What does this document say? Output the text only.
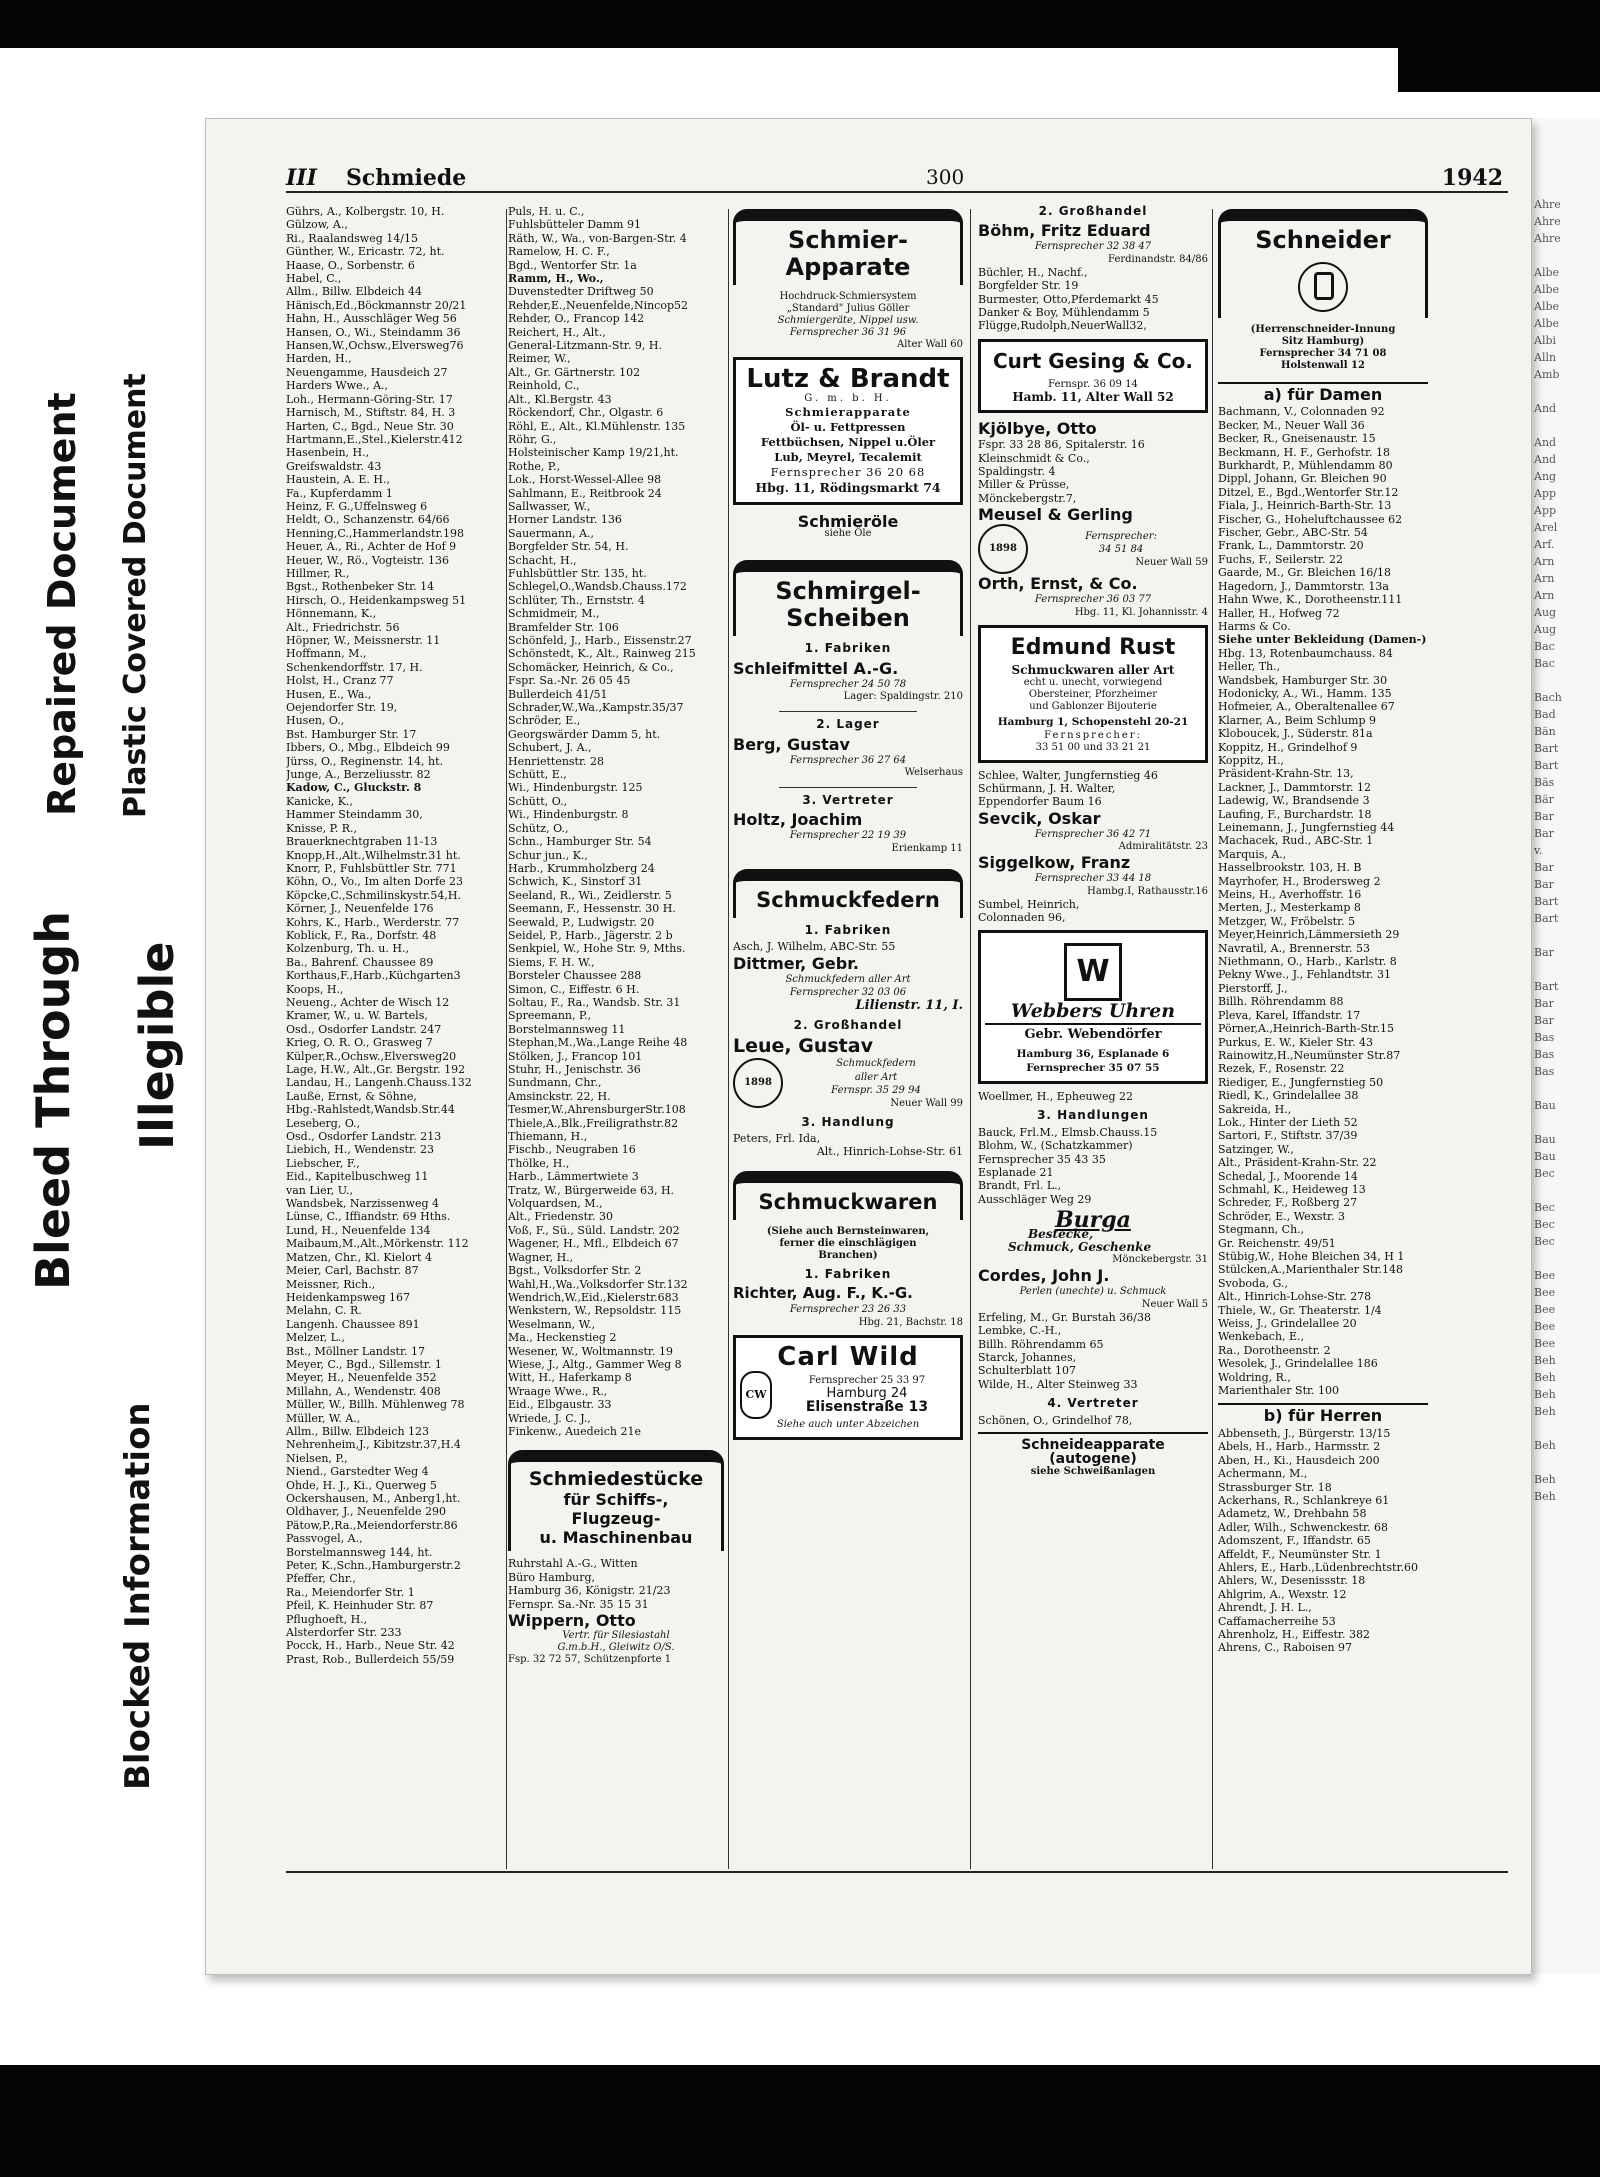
Bleed Through
Repaired Document Plastic Covered Document
Illegible
Blocked Information
Ahre
Ahre
Ahre

Albe
Albe
Albe
Albe
Albi
Alln
Amb

And

And
And
Ang
App
App
Arel
Arf.
Arn
Arn
Arn
Aug
Aug
Bac
Bac

Bach
Bad
Bän
Bart
Bart
Bäs
Bär
Bar
Bar
v.
Bar
Bar
Bart
Bart

Bar

Bart
Bar
Bar
Bas
Bas
Bas

Bau

Bau
Bau
Bec

Bec
Bec
Bec

Bee
Bee
Bee
Bee
Bee
Beh
Beh
Beh
Beh

Beh

Beh
Beh
III Schmiede	300	1942
Gührs, A., Kolbergstr. 10, H.
Gülzow, A.,
Ri., Raalandsweg 14/15
Günther, W., Ericastr. 72, ht.
Haase, O., Sorbenstr. 6
Habel, C.,
Allm., Billw. Elbdeich 44
Hänisch,Ed.,Böckmannstr 20/21
Hahn, H., Ausschläger Weg 56
Hansen, O., Wi., Steindamm 36
Hansen,W.,Ochsw.,Elversweg76
Harden, H.,
Neuengamme, Hausdeich 27
Harders Wwe., A.,
Loh., Hermann-Göring-Str. 17
Harnisch, M., Stiftstr. 84, H. 3
Harten, C., Bgd., Neue Str. 30
Hartmann,E.,Stel.,Kielerstr.412
Hasenbein, H.,
Greifswaldstr. 43
Haustein, A. E. H.,
Fa., Kupferdamm 1
Heinz, F. G.,Uffelnsweg 6
Heldt, O., Schanzenstr. 64/66
Henning,C.,Hammerlandstr.198
Heuer, A., Ri., Achter de Hof 9
Heuer, W., Rö., Vogteistr. 136
Hillmer, R.,
Bgst., Rothenbeker Str. 14
Hirsch, O., Heidenkampsweg 51
Hönnemann, K.,
Alt., Friedrichstr. 56
Höpner, W., Meissnerstr. 11
Hoffmann, M.,
Schenkendorffstr. 17, H.
Holst, H., Cranz 77
Husen, E., Wa.,
Oejendorfer Str. 19,
Husen, O.,
Bst. Hamburger Str. 17
Ibbers, O., Mbg., Elbdeich 99
Jürss, O., Reginenstr. 14, ht.
Junge, A., Berzeliusstr. 82
Kadow, C., Gluckstr. 8
Kanicke, K.,
Hammer Steindamm 30,
Knisse, P. R.,
Brauerknechtgraben 11-13
Knopp,H.,Alt.,Wilhelmstr.31 ht.
Knorr, P., Fuhlsbüttler Str. 771
Köhn, O., Vo., Im alten Dorfe 23
Köpcke,C.,Schmilinskystr.54,H.
Körner, J., Neuenfelde 176
Kohrs, K., Harb., Werderstr. 77
Koblick, F., Ra., Dorfstr. 48
Kolzenburg, Th. u. H.,
Ba., Bahrenf. Chaussee 89
Korthaus,F.,Harb.,Küchgarten3
Koops, H.,
Neueng., Achter de Wisch 12
Kramer, W., u. W. Bartels,
Osd., Osdorfer Landstr. 247
Krieg, O. R. O., Grasweg 7
Külper,R.,Ochsw.,Elversweg20
Lage, H.W., Alt.,Gr. Bergstr. 192
Landau, H., Langenh.Chauss.132
Lauße, Ernst, & Söhne,
Hbg.-Rahlstedt,Wandsb.Str.44
Leseberg, O.,
Osd., Osdorfer Landstr. 213
Liebich, H., Wendenstr. 23
Liebscher, F.,
Eid., Kapitelbuschweg 11
van Lier, U.,
Wandsbek, Narzissenweg 4
Lünse, C., Iffiandstr. 69 Hths.
Lund, H., Neuenfelde 134
Maibaum,M.,Alt.,Mörkenstr. 112
Matzen, Chr., Kl. Kielort 4
Meier, Carl, Bachstr. 87
Meissner, Rich.,
Heidenkampsweg 167
Melahn, C. R.
Langenh. Chaussee 891
Melzer, L.,
Bst., Möllner Landstr. 17
Meyer, C., Bgd., Sillemstr. 1
Meyer, H., Neuenfelde 352
Millahn, A., Wendenstr. 408
Müller, W., Billh. Mühlenweg 78
Müller, W. A.,
Allm., Billw. Elbdeich 123
Nehrenheim,J., Kibitzstr.37,H.4
Nielsen, P.,
Niend., Garstedter Weg 4
Ohde, H. J., Ki., Querweg 5
Ockershausen, M., Anberg1,ht.
Oldhaver, J., Neuenfelde 290
Pätow,P.,Ra.,Meiendorferstr.86
Passvogel, A.,
Borstelmannsweg 144, ht.
Peter, K.,Schn.,Hamburgerstr.2
Pfeffer, Chr.,
Ra., Meiendorfer Str. 1
Pfeil, K. Heinhuder Str. 87
Pflughoeft, H.,
Alsterdorfer Str. 233
Pocck, H., Harb., Neue Str. 42
Prast, Rob., Bullerdeich 55/59
Puls, H. u. C.,
Fuhlsbütteler Damm 91
Räth, W., Wa., von-Bargen-Str. 4
Ramelow, H. C. F.,
Bgd., Wentorfer Str. 1a
Ramm, H., Wo.,
Duvenstedter Driftweg 50
Rehder,E.,Neuenfelde,Nincop52
Rehder, O., Francop 142
Reichert, H., Alt.,
General-Litzmann-Str. 9, H.
Reimer, W.,
Alt., Gr. Gärtnerstr. 102
Reinhold, C.,
Alt., Kl.Bergstr. 43
Röckendorf, Chr., Olgastr. 6
Röhl, E., Alt., Kl.Mühlenstr. 135
Röhr, G.,
Holsteinischer Kamp 19/21,ht.
Rothe, P.,
Lok., Horst-Wessel-Allee 98
Sahlmann, E., Reitbrook 24
Sallwasser, W.,
Horner Landstr. 136
Sauermann, A.,
Borgfelder Str. 54, H.
Schacht, H.,
Fuhlsbüttler Str. 135, ht.
Schlegel,O.,Wandsb.Chauss.172
Schlüter, Th., Ernststr. 4
Schmidmeir, M.,
Bramfelder Str. 106
Schönfeld, J., Harb., Eissenstr.27
Schönstedt, K., Alt., Rainweg 215
Schomäcker, Heinrich, & Co.,
Fspr. Sa.-Nr. 26 05 45
Bullerdeich 41/51
Schrader,W.,Wa.,Kampstr.35/37
Schröder, E.,
Georgswärder Damm 5, ht.
Schubert, J. A.,
Henriettenstr. 28
Schütt, E.,
Wi., Hindenburgstr. 125
Schütt, O.,
Wi., Hindenburgstr. 8
Schütz, O.,
Schn., Hamburger Str. 54
Schur jun., K.,
Harb., Krummholzberg 24
Schwich, K., Sinstorf 31
Seeland, R., Wi., Zeidlerstr. 5
Seemann, F., Hessenstr. 30 H.
Seewald, P., Ludwigstr. 20
Seidel, P., Harb., Jägerstr. 2 b
Senkpiel, W., Hohe Str. 9, Mths.
Siems, F. H. W.,
Borsteler Chaussee 288
Simon, C., Eiffestr. 6 H.
Soltau, F., Ra., Wandsb. Str. 31
Spreemann, P.,
Borstelmannsweg 11
Stephan,M.,Wa.,Lange Reihe 48
Stölken, J., Francop 101
Stuhr, H., Jenischstr. 36
Sundmann, Chr.,
Amsinckstr. 22, H.
Tesmer,W.,AhrensburgerStr.108
Thiele,A.,Blk.,Freiligrathstr.82
Thiemann, H.,
Fischb., Neugraben 16
Thölke, H.,
Harb., Lämmertwiete 3
Tratz, W., Bürgerweide 63, H.
Volquardsen, M.,
Alt., Friedenstr. 30
Voß, F., Sü., Süld. Landstr. 202
Wagener, H., Mfl., Elbdeich 67
Wagner, H.,
Bgst., Volksdorfer Str. 2
Wahl,H.,Wa.,Volksdorfer Str.132
Wendrich,W.,Eid.,Kielerstr.683
Wenkstern, W., Repsoldstr. 115
Weselmann, W.,
Ma., Heckenstieg 2
Wesener, W., Woltmannstr. 19
Wiese, J., Altg., Gammer Weg 8
Witt, H., Haferkamp 8
Wraage Wwe., R.,
Eid., Elbgaustr. 33
Wriede, J. C. J.,
Finkenw., Auedeich 21e
Schmiedestücke
für Schiffs-,
Flugzeug-
u. Maschinenbau
Ruhrstahl A.-G., Witten
Büro Hamburg,
Hamburg 36, Königstr. 21/23
Fernspr. Sa.-Nr. 35 15 31
Wippern, Otto
Vertr. für Silesiastahl
G.m.b.H., Gleiwitz O/S.
Fsp. 32 72 57, Schützenpforte 1
Schmier-
Apparate
Hochdruck-Schmiersystem
„Standard" Julius Göller
Schmiergeräte, Nippel usw.
Fernsprecher 36 31 96
Alter Wall 60
Lutz & Brandt
G. m. b. H.
Schmierapparate
Öl- u. Fettpressen
Fettbüchsen, Nippel u.Öler
Lub, Meyrel, Tecalemit
Fernsprecher 36 20 68
Hbg. 11, Rödingsmarkt 74
Schmieröle
siehe Öle
Schmirgel-
Scheiben
1. Fabriken
Schleifmittel A.-G.
Fernsprecher 24 50 78
Lager: Spaldingstr. 210
2. Lager
Berg, Gustav
Fernsprecher 36 27 64
Welserhaus
3. Vertreter
Holtz, Joachim
Fernsprecher 22 19 39
Erienkamp 11
Schmuckfedern
1. Fabriken
Asch, J. Wilhelm, ABC-Str. 55
Dittmer, Gebr.
Schmuckfedern aller Art
Fernsprecher 32 03 06
Lilienstr. 11, I.
2. Großhandel
Leue, Gustav
1898
Schmuckfedern
aller Art
Fernspr. 35 29 94
Neuer Wall 99
3. Handlung
Peters, Frl. Ida,
Alt., Hinrich-Lohse-Str. 61
Schmuckwaren
(Siehe auch Bernsteinwaren,
ferner die einschlägigen
Branchen)
1. Fabriken
Richter, Aug. F., K.-G.
Fernsprecher 23 26 33
Hbg. 21, Bachstr. 18
Carl Wild
CW
Fernsprecher 25 33 97
Hamburg 24
Elisenstraße 13
Siehe auch unter Abzeichen
2. Großhandel
Böhm, Fritz Eduard
Fernsprecher 32 38 47
Ferdinandstr. 84/86
Büchler, H., Nachf.,
Borgfelder Str. 19
Burmester, Otto,Pferdemarkt 45
Danker & Boy, Mühlendamm 5
Flügge,Rudolph,NeuerWall32,
Curt Gesing & Co.
Fernspr. 36 09 14
Hamb. 11, Alter Wall 52
Kjölbye, Otto
Fspr. 33 28 86, Spitalerstr. 16
Kleinschmidt & Co.,
Spaldingstr. 4
Miller & Prüsse,
Mönckebergstr.7,
Meusel & Gerling
1898
Fernsprecher:
34 51 84
Neuer Wall 59
Orth, Ernst, & Co.
Fernsprecher 36 03 77
Hbg. 11, Kl. Johannisstr. 4
Edmund Rust
Schmuckwaren aller Art
echt u. unecht, vorwiegend
Obersteiner, Pforzheimer
und Gablonzer Bijouterie
Hamburg 1, Schopenstehl 20-21
Fernsprecher:
33 51 00 und 33 21 21
Schlee, Walter, Jungfernstieg 46
Schürmann, J. H. Walter,
Eppendorfer Baum 16
Sevcik, Oskar
Fernsprecher 36 42 71
Admiralitätstr. 23
Siggelkow, Franz
Fernsprecher 33 44 18
Hambg.I, Rathausstr.16
Sumbel, Heinrich,
Colonnaden 96,
W
Webbers Uhren
Gebr. Webendörfer
Hamburg 36, Esplanade 6
Fernsprecher 35 07 55
Woellmer, H., Epheuweg 22
3. Handlungen
Bauck, Frl.M., Elmsb.Chauss.15
Blohm, W., (Schatzkammer)
Fernsprecher 35 43 35
Esplanade 21
Brandt, Frl. L.,
Ausschläger Weg 29
Burga
Bestecke,
Schmuck, Geschenke
Mönckebergstr. 31
Cordes, John J.
Perlen (unechte) u. Schmuck
Neuer Wall 5
Erfeling, M., Gr. Burstah 36/38
Lembke, C.-H.,
Billh. Röhrendamm 65
Starck, Johannes,
Schulterblatt 107
Wilde, H., Alter Steinweg 33
4. Vertreter
Schönen, O., Grindelhof 78,
Schneideapparate
(autogene)
siehe Schweißanlagen
Schneider
(Herrenschneider-Innung
Sitz Hamburg)
Fernsprecher 34 71 08
Holstenwall 12
a) für Damen
Bachmann, V., Colonnaden 92
Becker, M., Neuer Wall 36
Becker, R., Gneisenaustr. 15
Beckmann, H. F., Gerhofstr. 18
Burkhardt, P., Mühlendamm 80
Dippl, Johann, Gr. Bleichen 90
Ditzel, E., Bgd.,Wentorfer Str.12
Fiala, J., Heinrich-Barth-Str. 13
Fischer, G., Hoheluftchaussee 62
Fischer, Gebr., ABC-Str. 54
Frank, L., Dammtorstr. 20
Fuchs, F., Seilerstr. 22
Gaarde, M., Gr. Bleichen 16/18
Hagedorn, J., Dammtorstr. 13a
Hahn Wwe, K., Dorotheenstr.111
Haller, H., Hofweg 72
Harms & Co.
Siehe unter Bekleidung (Damen-)
Hbg. 13, Rotenbaumchauss. 84
Heller, Th.,
Wandsbek, Hamburger Str. 30
Hodonicky, A., Wi., Hamm. 135
Hofmeier, A., Oberaltenallee 67
Klarner, A., Beim Schlump 9
Kloboucek, J., Süderstr. 81a
Koppitz, H., Grindelhof 9
Koppitz, H.,
Präsident-Krahn-Str. 13,
Lackner, J., Dammtorstr. 12
Ladewig, W., Brandsende 3
Laufing, F., Burchardstr. 18
Leinemann, J., Jungfernstieg 44
Machacek, Rud., ABC-Str. 1
Marquis, A.,
Hasselbrookstr. 103, H. B
Mayrhofer, H., Brodersweg 2
Meins, H., Averhoffstr. 16
Merten, J., Mesterkamp 8
Metzger, W., Fröbelstr. 5
Meyer,Heinrich,Lämmersieth 29
Navratil, A., Brennerstr. 53
Niethmann, O., Harb., Karlstr. 8
Pekny Wwe., J., Fehlandtstr. 31
Pierstorff, J.,
Billh. Röhrendamm 88
Pleva, Karel, Iffandstr. 17
Pörner,A.,Heinrich-Barth-Str.15
Purkus, E. W., Kieler Str. 43
Rainowitz,H.,Neumünster Str.87
Rezek, F., Rosenstr. 22
Riediger, E., Jungfernstieg 50
Riedl, K., Grindelallee 38
Sakreida, H.,
Lok., Hinter der Lieth 52
Sartori, F., Stiftstr. 37/39
Satzinger, W.,
Alt., Präsident-Krahn-Str. 22
Schedal, J., Moorende 14
Schmahl, K., Heideweg 13
Schreder, F., Roßberg 27
Schröder, E., Wexstr. 3
Stegmann, Ch.,
Gr. Reichenstr. 49/51
Stübig,W., Hohe Bleichen 34, H 1
Stülcken,A.,Marienthaler Str.148
Svoboda, G.,
Alt., Hinrich-Lohse-Str. 278
Thiele, W., Gr. Theaterstr. 1/4
Weiss, J., Grindelallee 20
Wenkebach, E.,
Ra., Dorotheenstr. 2
Wesolek, J., Grindelallee 186
Woldring, R.,
Marienthaler Str. 100
b) für Herren
Abbenseth, J., Bürgerstr. 13/15
Abels, H., Harb., Harmsstr. 2
Aben, H., Ki., Hausdeich 200
Achermann, M.,
Strassburger Str. 18
Ackerhans, R., Schlankreye 61
Adametz, W., Drehbahn 58
Adler, Wilh., Schwenckestr. 68
Adomszent, F., Iffandstr. 65
Affeldt, F., Neumünster Str. 1
Ahlers, E., Harb.,Lüdenbrechtstr.60
Ahlers, W., Desenissstr. 18
Ahlgrim, A., Wexstr. 12
Ahrendt, J. H. L.,
Caffamacherreihe 53
Ahrenholz, H., Eiffestr. 382
Ahrens, C., Raboisen 97
